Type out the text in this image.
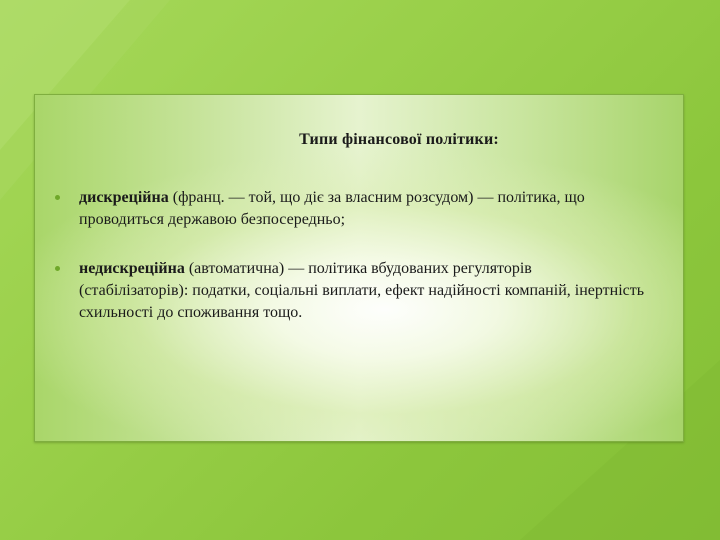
Типи фінансової політики:
дискреційна (франц. — той, що діє за власним розсудом) — політика, що проводиться державою безпосередньо;
недискреційна (автоматична) — політика вбудованих регуляторів (стабілізаторів): податки, соціальні виплати, ефект надійності компаній, інертність схильності до споживання тощо.
